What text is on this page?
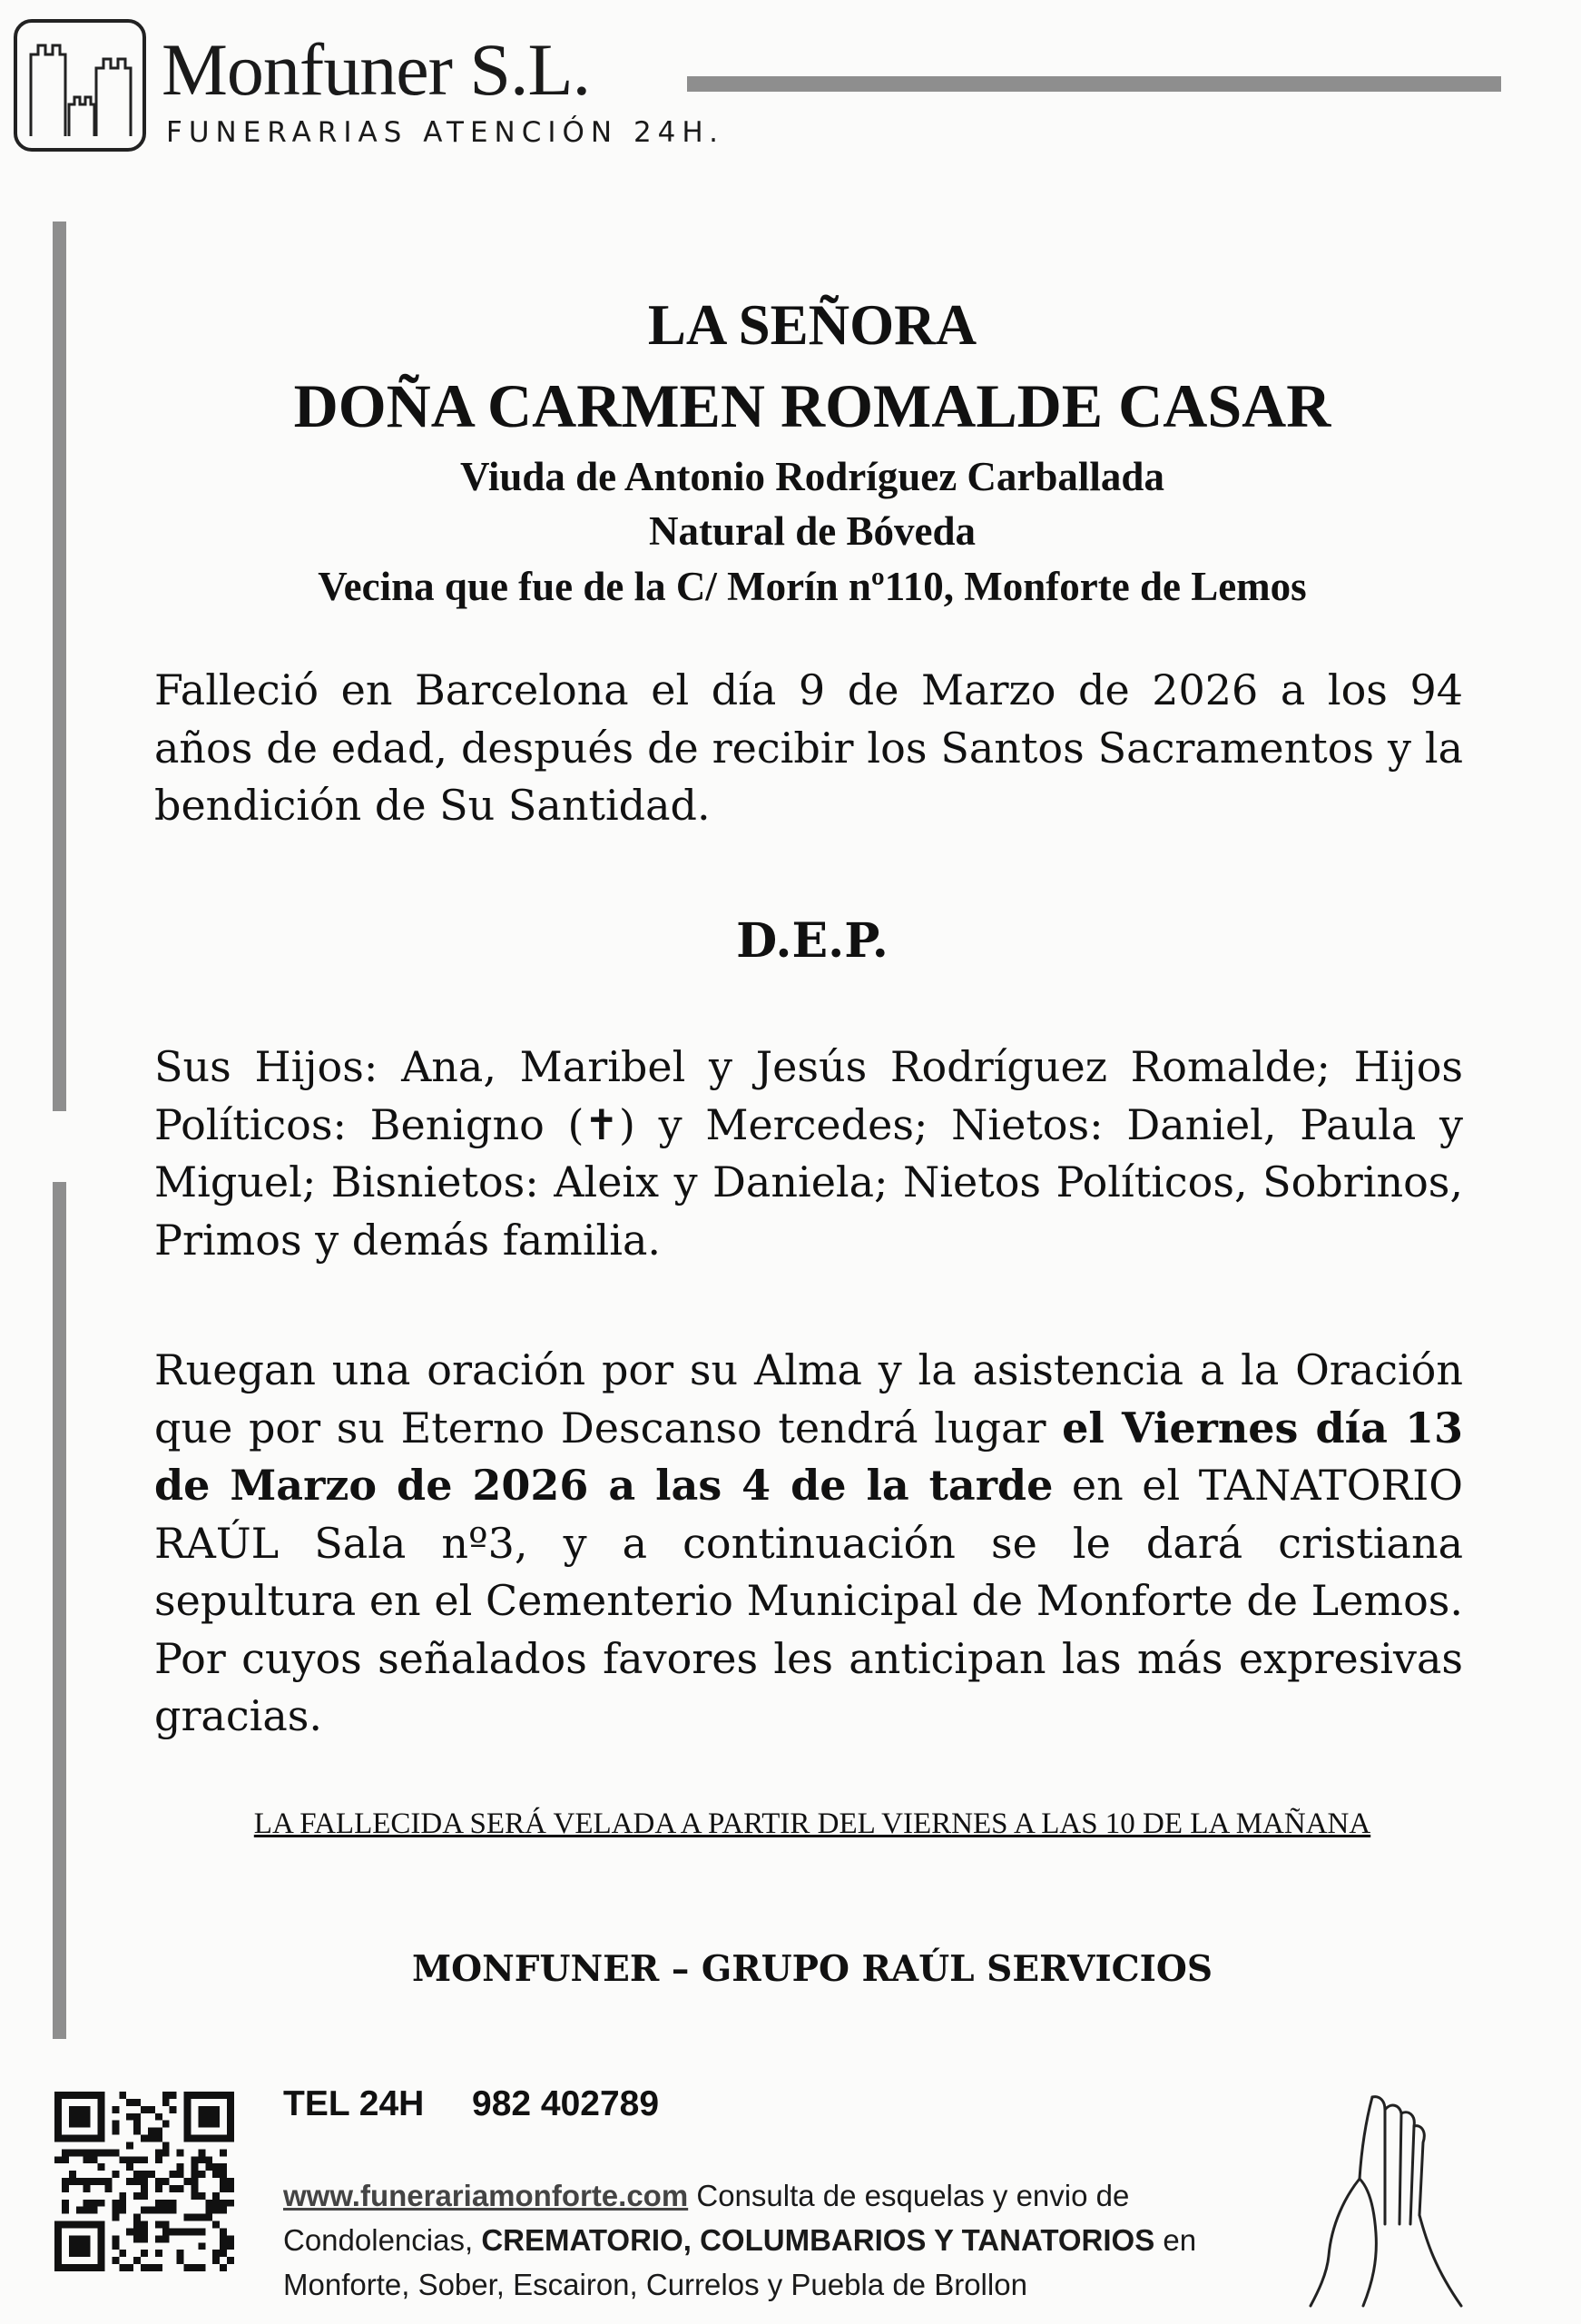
Monfuner S.L.
FUNERARIAS ATENCIÓN 24H.
LA SEÑORA
DOÑA CARMEN ROMALDE CASAR
Viuda de Antonio Rodríguez Carballada
Natural de Bóveda
Vecina que fue de la C/ Morín nº110, Monforte de Lemos
Falleció en Barcelona el día 9 de Marzo de 2026 a los 94 años de edad, después de recibir los Santos Sacramentos y la bendición de Su Santidad.
D.E.P.
Sus Hijos: Ana, Maribel y Jesús Rodríguez Romalde; Hijos Políticos: Benigno (✝) y Mercedes; Nietos: Daniel, Paula y Miguel; Bisnietos: Aleix y Daniela; Nietos Políticos, Sobrinos, Primos y demás familia.
Ruegan una oración por su Alma y la asistencia a la Oración que por su Eterno Descanso tendrá lugar el Viernes día 13 de Marzo de 2026 a las 4 de la tarde en el TANATORIO RAÚL Sala nº3, y a continuación se le dará cristiana sepultura en el Cementerio Municipal de Monforte de Lemos. Por cuyos señalados favores les anticipan las más expresivas gracias.
LA FALLECIDA SERÁ VELADA A PARTIR DEL VIERNES A LAS 10 DE LA MAÑANA
MONFUNER – GRUPO RAÚL SERVICIOS
TEL 24H 982 402789
www.funerariamonforte.com Consulta de esquelas y envio de
Condolencias, CREMATORIO, COLUMBARIOS Y TANATORIOS en
Monforte, Sober, Escairon, Currelos y Puebla de Brollon
